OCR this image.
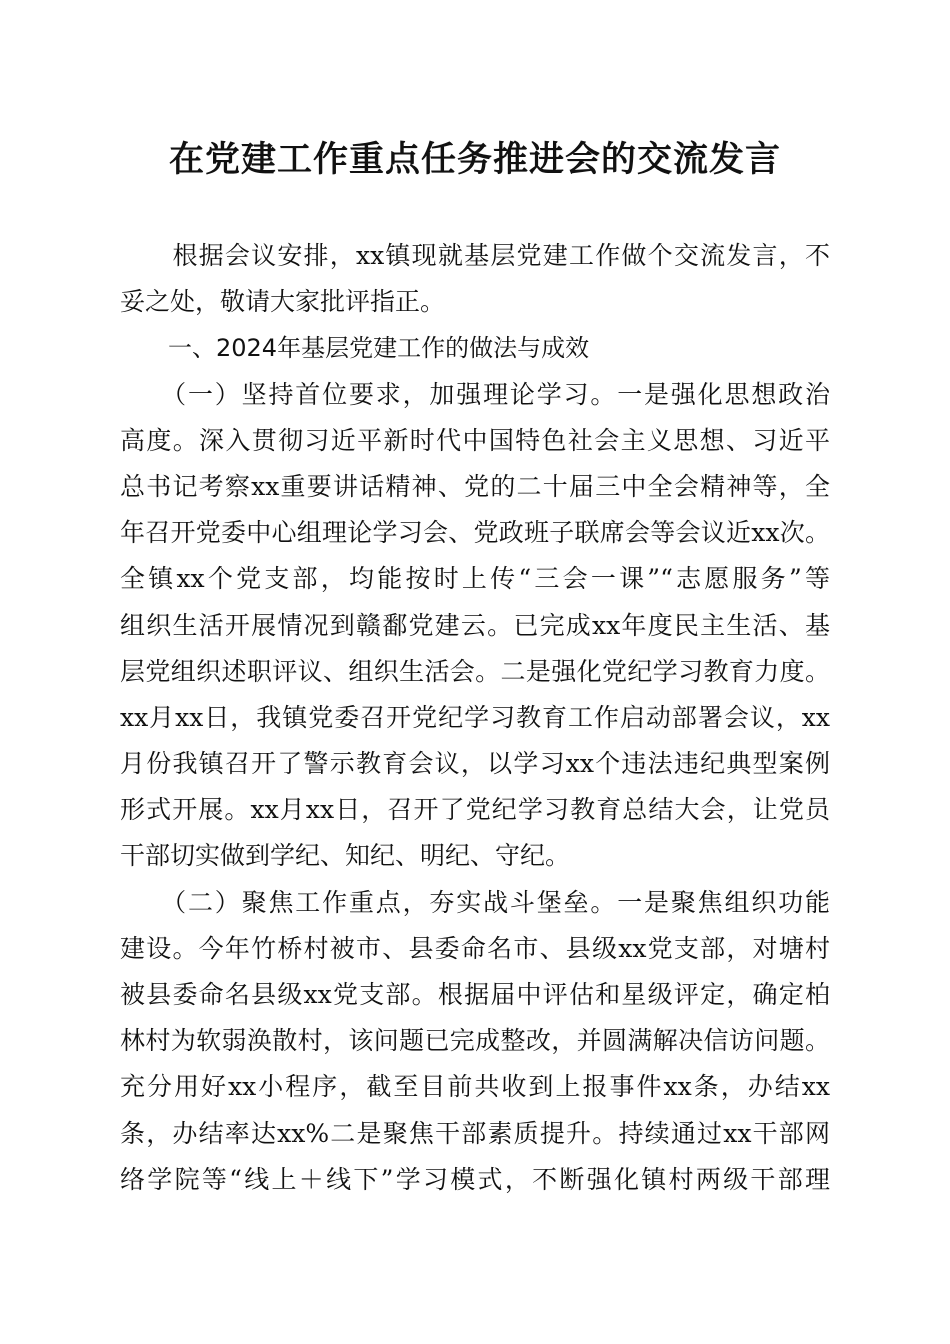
在党建工作重点任务推进会的交流发言
　　根据会议安排，xx镇现就基层党建工作做个交流发言，不
妥之处，敬请大家批评指正。
　　一、2024年基层党建工作的做法与成效
　　（一）坚持首位要求，加强理论学习。一是强化思想政治
高度。深入贯彻习近平新时代中国特色社会主义思想、习近平
总书记考察xx重要讲话精神、党的二十届三中全会精神等，全
年召开党委中心组理论学习会、党政班子联席会等会议近xx次。
全镇xx个党支部，均能按时上传“三会一课”“志愿服务”等
组织生活开展情况到赣鄱党建云。已完成xx年度民主生活、基
层党组织述职评议、组织生活会。二是强化党纪学习教育力度。
xx月xx日，我镇党委召开党纪学习教育工作启动部署会议，xx
月份我镇召开了警示教育会议，以学习xx个违法违纪典型案例
形式开展。xx月xx日，召开了党纪学习教育总结大会，让党员
干部切实做到学纪、知纪、明纪、守纪。
　　（二）聚焦工作重点，夯实战斗堡垒。一是聚焦组织功能
建设。今年竹桥村被市、县委命名市、县级xx党支部，对塘村
被县委命名县级xx党支部。根据届中评估和星级评定，确定柏
林村为软弱涣散村，该问题已完成整改，并圆满解决信访问题。
充分用好xx小程序，截至目前共收到上报事件xx条，办结xx
条，办结率达xx%二是聚焦干部素质提升。持续通过xx干部网
络学院等“线上＋线下”学习模式，不断强化镇村两级干部理
